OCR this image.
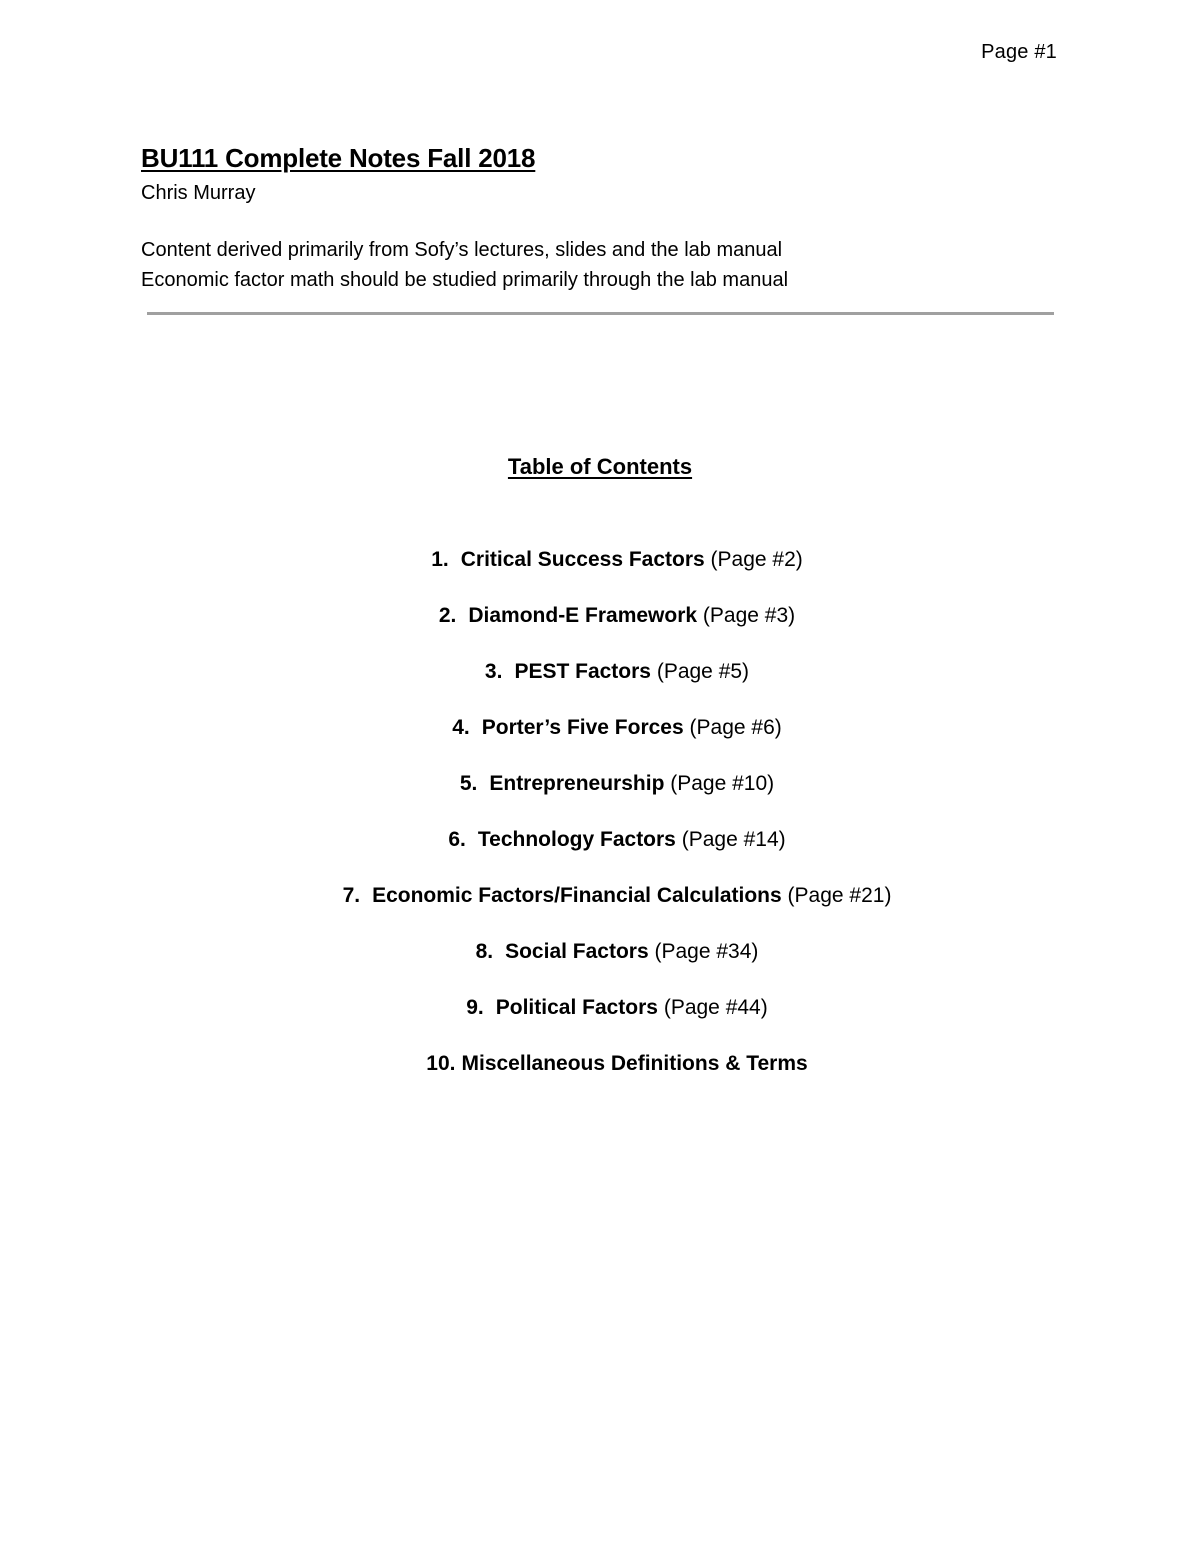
Page #1
BU111 Complete Notes Fall 2018
Chris Murray
Content derived primarily from Sofy’s lectures, slides and the lab manual
Economic factor math should be studied primarily through the lab manual
Table of Contents
1. Critical Success Factors (Page #2)
2. Diamond-E Framework (Page #3)
3. PEST Factors (Page #5)
4. Porter’s Five Forces (Page #6)
5. Entrepreneurship (Page #10)
6. Technology Factors (Page #14)
7. Economic Factors/Financial Calculations (Page #21)
8. Social Factors (Page #34)
9. Political Factors (Page #44)
10. Miscellaneous Definitions & Terms
